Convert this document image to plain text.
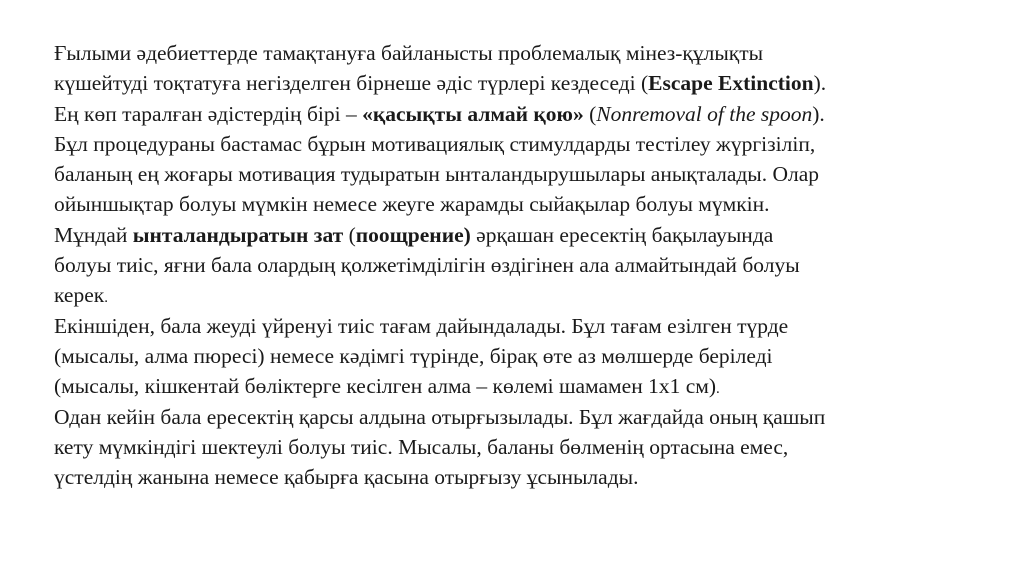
Ғылыми әдебиеттерде тамақтануға байланысты проблемалық мінез-құлықты
күшейтуді тоқтатуға негізделген бірнеше әдіс түрлері кездеседі (Escape Extinction).
Ең көп таралған әдістердің бірі – «қасықты алмай қою» (Nonremoval of the spoon).
Бұл процедураны бастамас бұрын мотивациялық стимулдарды тестілеу жүргізіліп,
баланың ең жоғары мотивация тудыратын ынталандырушылары анықталады. Олар
ойыншықтар болуы мүмкін немесе жеуге жарамды сыйақылар болуы мүмкін.
Мұндай ынталандыратын зат (поощрение) әрқашан ересектің бақылауында
болуы тиіс, яғни бала олардың қолжетімділігін өздігінен ала алмайтындай болуы
керек.
Екіншіден, бала жеуді үйренуі тиіс тағам дайындалады. Бұл тағам езілген түрде
(мысалы, алма пюресі) немесе кәдімгі түрінде, бірақ өте аз мөлшерде беріледі
(мысалы, кішкентай бөліктерге кесілген алма – көлемі шамамен 1x1 см).
Одан кейін бала ересектің қарсы алдына отырғызылады. Бұл жағдайда оның қашып
кету мүмкіндігі шектеулі болуы тиіс. Мысалы, баланы бөлменің ортасына емес,
үстелдің жанына немесе қабырға қасына отырғызу ұсынылады.
